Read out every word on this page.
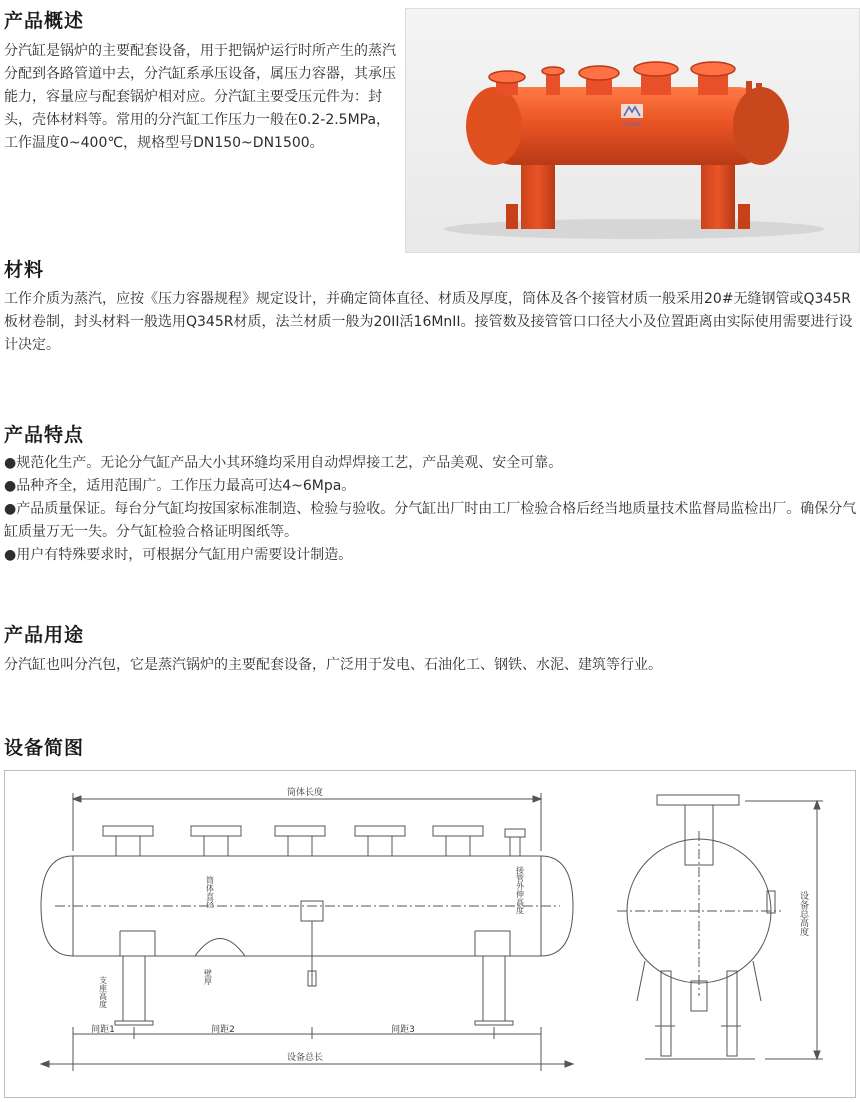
产品概述
分汽缸是锅炉的主要配套设备，用于把锅炉运行时所产生的蒸汽分配到各路管道中去，分汽缸系承压设备，属压力容器，其承压能力，容量应与配套锅炉相对应。分汽缸主要受压元件为：封头，壳体材料等。常用的分汽缸工作压力一般在0.2-2.5MPa，工作温度0~400℃，规格型号DN150~DN1500。
山东锅炉
材料
工作介质为蒸汽，应按《压力容器规程》规定设计，并确定筒体直径、材质及厚度，筒体及各个接管材质一般采用20#无缝钢管或Q345R板材卷制，封头材料一般选用Q345R材质，法兰材质一般为20II活16MnII。接管数及接管管口口径大小及位置距离由实际使用需要进行设计决定。
产品特点
●规范化生产。无论分气缸产品大小其环缝均采用自动焊焊接工艺，产品美观、安全可靠。
●品种齐全，适用范围广。工作压力最高可达4~6Mpa。
●产品质量保证。每台分气缸均按国家标准制造、检验与验收。分气缸出厂时由工厂检验合格后经当地质量技术监督局监检出厂。确保分气缸质量万无一失。分气缸检验合格证明图纸等。
●用户有特殊要求时，可根据分气缸用户需要设计制造。
产品用途
分汽缸也叫分汽包，它是蒸汽锅炉的主要配套设备，广泛用于发电、石油化工、钢铁、水泥、建筑等行业。
设备简图
筒体长度
筒体直径	接管外伸高度
支座高度	壁厚
间距1	间距2	间距3
设备总长
设备总高度
